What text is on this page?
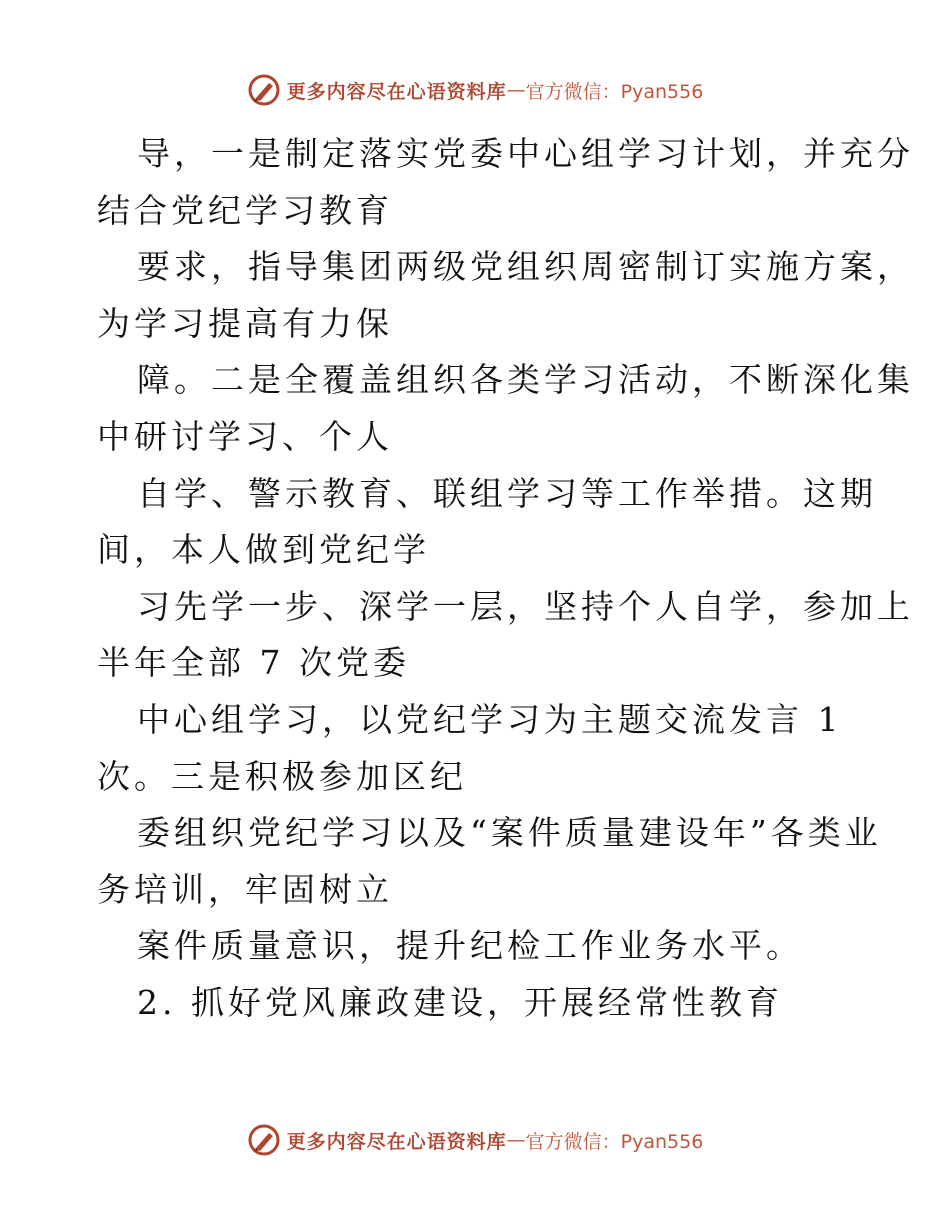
更多内容尽在心语资料库 — 官方微信：Pyan556
导，一是制定落实党委中心组学习计划，并充分
结合党纪学习教育
要求，指导集团两级党组织周密制订实施方案，
为学习提高有力保
障。二是全覆盖组织各类学习活动，不断深化集
中研讨学习、个人
自学、警示教育、联组学习等工作举措。这期
间，本人做到党纪学
习先学一步、深学一层，坚持个人自学，参加上
半年全部 7 次党委
中心组学习，以党纪学习为主题交流发言 1
次。三是积极参加区纪
委组织党纪学习以及“案件质量建设年”各类业
务培训，牢固树立
案件质量意识，提升纪检工作业务水平。
2. 抓好党风廉政建设，开展经常性教育
更多内容尽在心语资料库 — 官方微信：Pyan556
